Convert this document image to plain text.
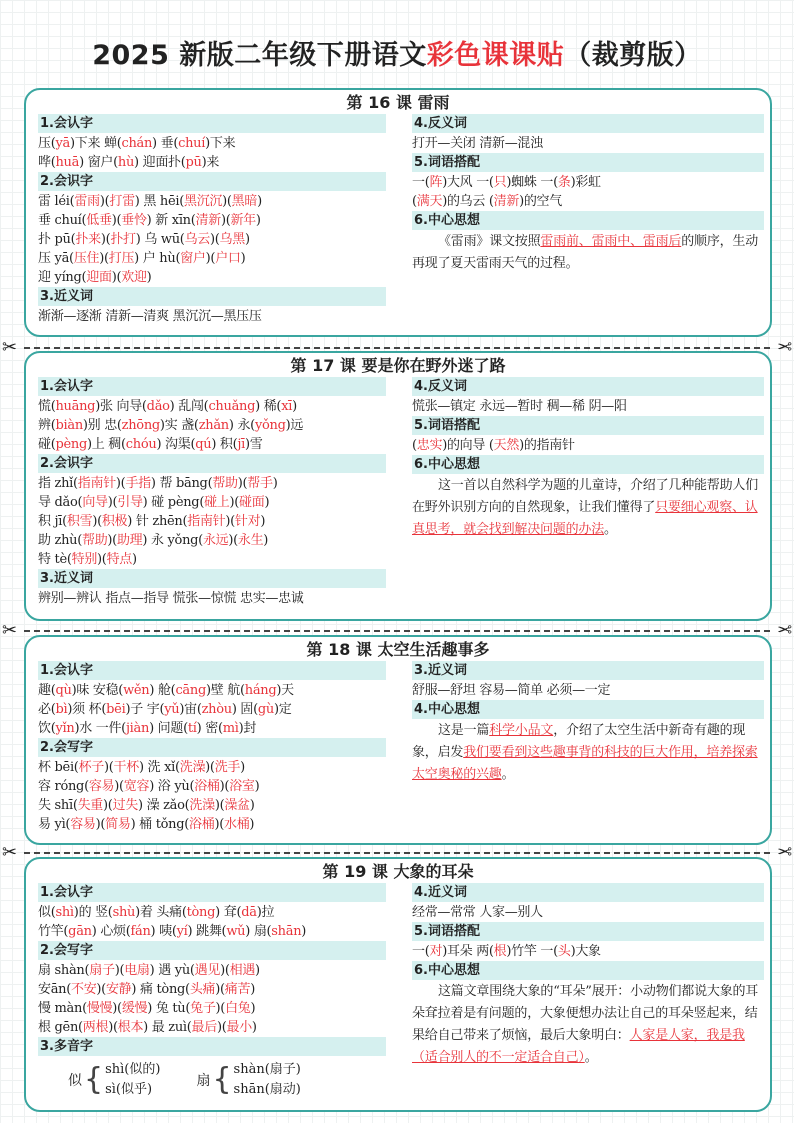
2025 新版二年级下册语文彩色课课贴（裁剪版）
第 16 课 雷雨
1.会认字
压(yā)下来 蝉(chán) 垂(chuí)下来
哗(huā) 窗户(hù) 迎面扑(pū)来
2.会识字
雷 léi(雷雨)(打雷) 黑 hēi(黑沉沉)(黑暗)
垂 chuí(低垂)(垂怜) 新 xīn(清新)(新年)
扑 pū(扑来)(扑打) 乌 wū(乌云)(乌黑)
压 yā(压住)(打压) 户 hù(窗户)(户口)
迎 yíng(迎面)(欢迎)
3.近义词
渐渐—逐渐 清新—清爽 黑沉沉—黑压压
4.反义词
打开—关闭 清新—混浊
5.词语搭配
一(阵)大风 一(只)蜘蛛 一(条)彩虹
(满天)的乌云 (清新)的空气
6.中心思想
《雷雨》课文按照雷雨前、雷雨中、雷雨后的顺序，生动再现了夏天雷雨天气的过程。
✂	✂
第 17 课 要是你在野外迷了路
1.会认字
慌(huāng)张 向导(dǎo) 乱闯(chuǎng) 稀(xī)
辨(biàn)别 忠(zhōng)实 盏(zhǎn) 永(yǒng)远
碰(pèng)上 稠(chóu) 沟渠(qú) 积(jī)雪
2.会识字
指 zhǐ(指南针)(手指) 帮 bāng(帮助)(帮手)
导 dǎo(向导)(引导) 碰 pèng(碰上)(碰面)
积 jī(积雪)(积极) 针 zhēn(指南针)(针对)
助 zhù(帮助)(助理) 永 yǒng(永远)(永生)
特 tè(特别)(特点)
3.近义词
辨别—辨认 指点—指导 慌张—惊慌 忠实—忠诚
4.反义词
慌张—镇定 永远—暂时 稠—稀 阴—阳
5.词语搭配
(忠实)的向导 (天然)的指南针
6.中心思想
这一首以自然科学为题的儿童诗，介绍了几种能帮助人们在野外识别方向的自然现象，让我们懂得了只要细心观察、认真思考，就会找到解决问题的办法。
✂	✂
第 18 课 太空生活趣事多
1.会认字
趣(qù)味 安稳(wěn) 舱(cāng)壁 航(háng)天
必(bì)须 杯(bēi)子 宇(yǔ)宙(zhòu) 固(gù)定
饮(yǐn)水 一件(jiàn) 问题(tí) 密(mì)封
2.会写字
杯 bēi(杯子)(干杯) 洗 xǐ(洗澡)(洗手)
容 róng(容易)(宽容) 浴 yù(浴桶)(浴室)
失 shī(失重)(过失) 澡 zǎo(洗澡)(澡盆)
易 yì(容易)(简易) 桶 tǒng(浴桶)(水桶)
3.近义词
舒服—舒坦 容易—简单 必须—一定
4.中心思想
这是一篇科学小品文，介绍了太空生活中新奇有趣的现象，启发我们要看到这些趣事背的科技的巨大作用，培养探索太空奥秘的兴趣。
✂	✂
第 19 课 大象的耳朵
1.会认字
似(shì)的 竖(shù)着 头痛(tòng) 耷(dā)拉
竹竿(gān) 心烦(fán) 咦(yí) 跳舞(wǔ) 扇(shān)
2.会写字
扇 shàn(扇子)(电扇) 遇 yù(遇见)(相遇)
安ān(不安)(安静) 痛 tòng(头痛)(痛苦)
慢 màn(慢慢)(缓慢) 兔 tù(兔子)(白兔)
根 gēn(两根)(根本) 最 zuì(最后)(最小)
3.多音字
似 { shì(似的)
sì(似乎)
扇 { shàn(扇子)
shān(扇动)
4.近义词
经常—常常 人家—别人
5.词语搭配
一(对)耳朵 两(根)竹竿 一(头)大象
6.中心思想
这篇文章围绕大象的“耳朵”展开：小动物们都说大象的耳朵耷拉着是有问题的，大象便想办法让自己的耳朵竖起来，结果给自己带来了烦恼，最后大象明白：人家是人家，我是我（适合别人的不一定适合自己）。
